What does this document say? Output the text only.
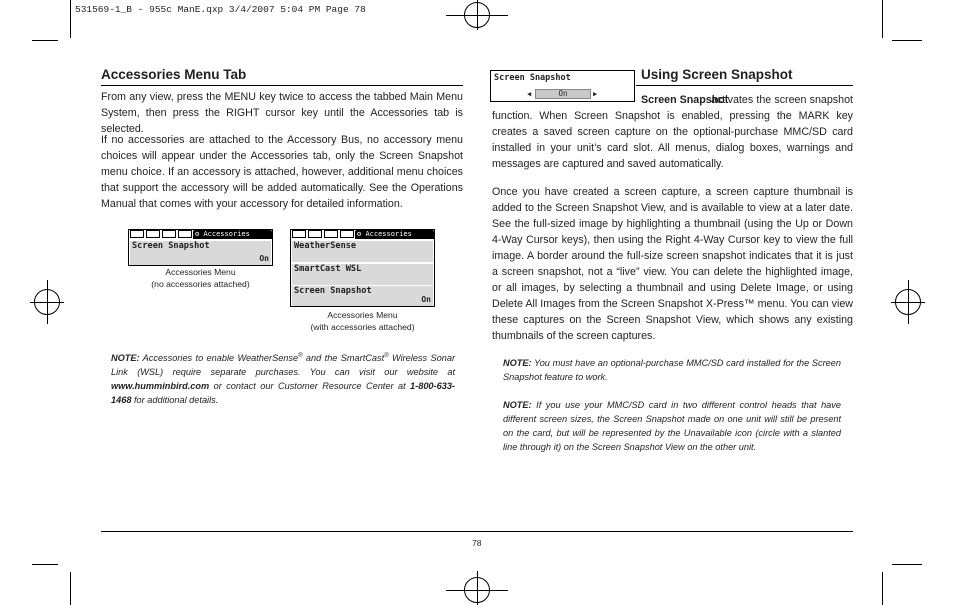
531569-1_B - 955c ManE.qxp 3/4/2007 5:04 PM Page 78
Accessories Menu Tab
From any view, press the MENU key twice to access the tabbed Main Menu System, then press the RIGHT cursor key until the Accessories tab is selected.
If no accessories are attached to the Accessory Bus, no accessory menu choices will appear under the Accessories tab, only the Screen Snapshot menu choice. If an accessory is attached, however, additional menu choices that support the accessory will be added automatically. See the Operations Manual that comes with your accessory for detailed information.
⚙ Accessories
Screen Snapshot
On
Accessories Menu
(no accessories attached)
⚙ Accessories
WeatherSense
SmartCast WSL
Screen Snapshot
On
Accessories Menu
(with accessories attached)
NOTE: Accessories to enable WeatherSense® and the SmartCast® Wireless Sonar Link (WSL) require separate purchases. You can visit our website at www.humminbird.com or contact our Customer Resource Center at 1-800-633-1468 for additional details.
Screen Snapshot
On
◀	▶
Using Screen Snapshot
Screen Snapshot
activates the screen snapshot function. When Screen Snapshot is enabled, pressing the MARK key creates a saved screen capture on the optional-purchase MMC/SD card installed in your unit’s card slot. All menus, dialog boxes, warnings and messages are captured and saved automatically.
Once you have created a screen capture, a screen capture thumbnail is added to the Screen Snapshot View, and is available to view at a later date. See the full-sized image by highlighting a thumbnail (using the Up or Down 4-Way Cursor keys), then using the Right 4-Way Cursor key to view the full image. A border around the full-size screen snapshot indicates that it is just a screen snapshot, not a “live” view. You can delete the highlighted image, or all images, by selecting a thumbnail and using Delete Image, or using Delete All Images from the Screen Snapshot X-Press™ menu. You can view these captures on the Screen Snapshot View, which shows any existing thumbnails of the screen captures.
NOTE: You must have an optional-purchase MMC/SD card installed for the Screen Snapshot feature to work.
NOTE: If you use your MMC/SD card in two different control heads that have different screen sizes, the Screen Snapshot made on one unit will still be present on the card, but will be represented by the Unavailable icon (circle with a slanted line through it) on the Screen Snapshot View on the other unit.
78
